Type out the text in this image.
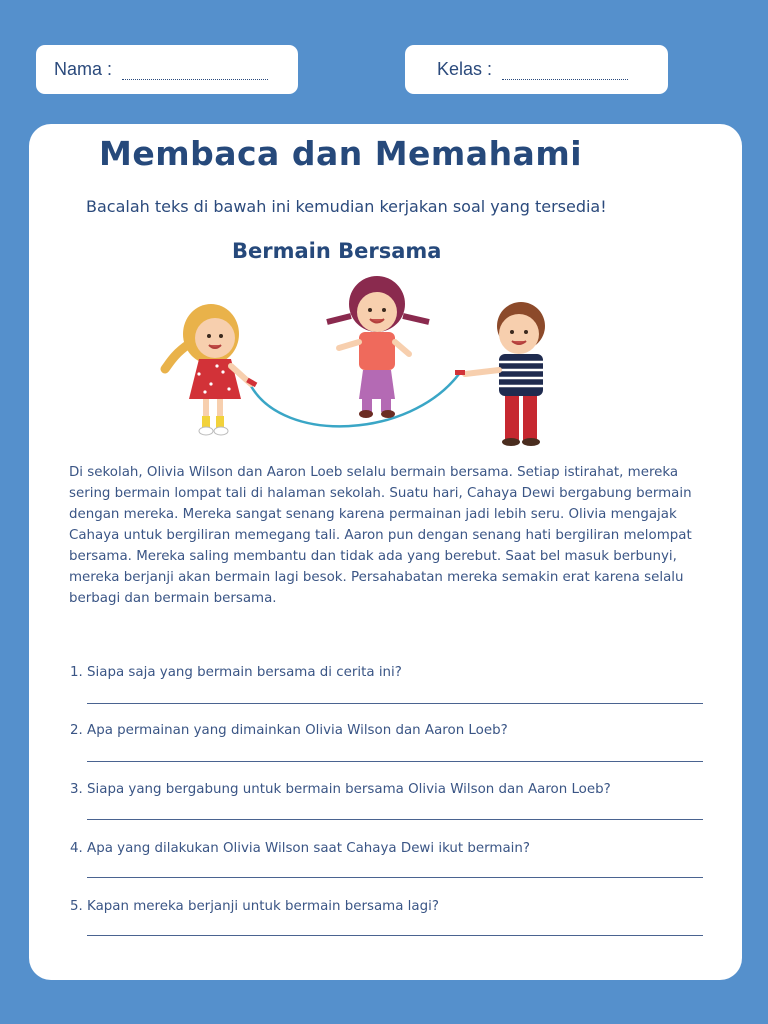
Nama :	Kelas :
Membaca dan Memahami
Bacalah teks di bawah ini kemudian kerjakan soal yang tersedia!
Bermain Bersama
Di sekolah, Olivia Wilson dan Aaron Loeb selalu bermain bersama. Setiap istirahat, mereka sering bermain lompat tali di halaman sekolah. Suatu hari, Cahaya Dewi bergabung bermain dengan mereka. Mereka sangat senang karena permainan jadi lebih seru. Olivia mengajak Cahaya untuk bergiliran memegang tali. Aaron pun dengan senang hati bergiliran melompat bersama. Mereka saling membantu dan tidak ada yang berebut. Saat bel masuk berbunyi, mereka berjanji akan bermain lagi besok. Persahabatan mereka semakin erat karena selalu berbagi dan bermain bersama.
1. Siapa saja yang bermain bersama di cerita ini?
2. Apa permainan yang dimainkan Olivia Wilson dan Aaron Loeb?
3. Siapa yang bergabung untuk bermain bersama Olivia Wilson dan Aaron Loeb?
4. Apa yang dilakukan Olivia Wilson saat Cahaya Dewi ikut bermain?
5. Kapan mereka berjanji untuk bermain bersama lagi?
